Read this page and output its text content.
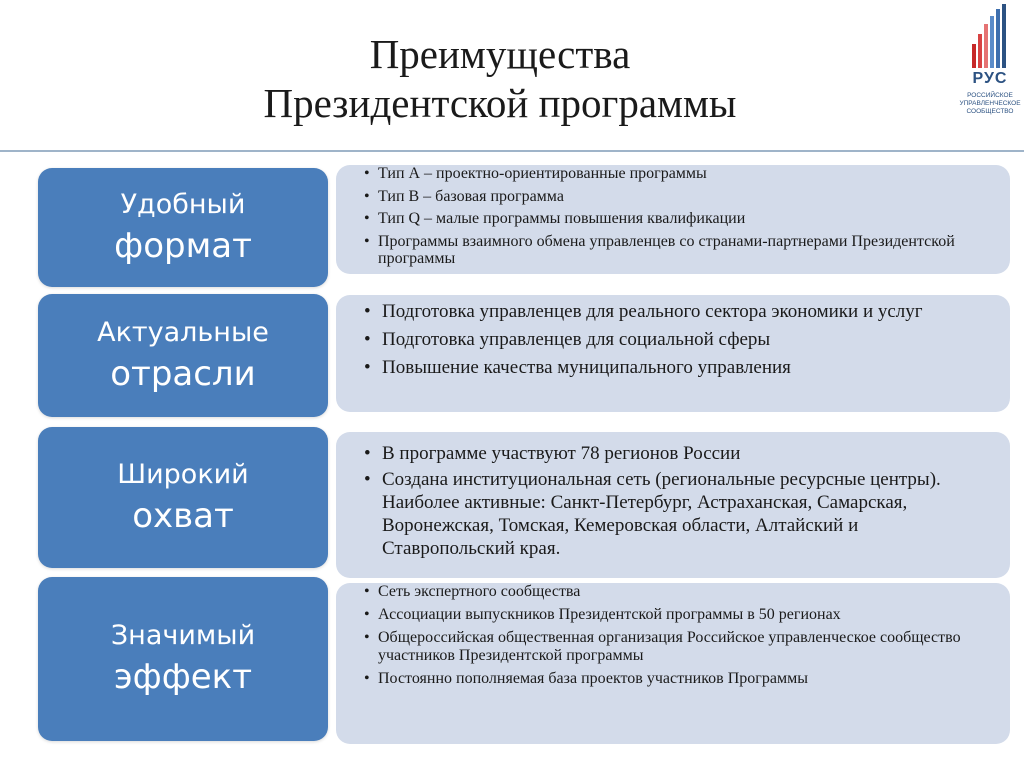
Преимущества
Президентской программы
РУС
РОССИЙСКОЕ УПРАВЛЕНЧЕСКОЕ СООБЩЕСТВО
Удобный
формат
• Тип А – проектно-ориентированные программы
• Тип В – базовая программа
• Тип Q – малые программы повышения квалификации
• Программы взаимного обмена управленцев со странами-партнерами Президентской программы
Актуальные
отрасли
• Подготовка управленцев для реального сектора экономики и услуг
• Подготовка управленцев для социальной сферы
• Повышение качества муниципального управления
Широкий
охват
• В программе участвуют 78 регионов России
• Создана институциональная сеть (региональные ресурсные центры). Наиболее активные: Санкт-Петербург, Астраханская, Самарская, Воронежская, Томская, Кемеровская области, Алтайский и Ставропольский края.
Значимый
эффект
• Сеть экспертного сообщества
• Ассоциации выпускников Президентской программы в 50 регионах
• Общероссийская общественная организация Российское управленческое сообщество участников Президентской программы
• Постоянно пополняемая база проектов участников Программы
